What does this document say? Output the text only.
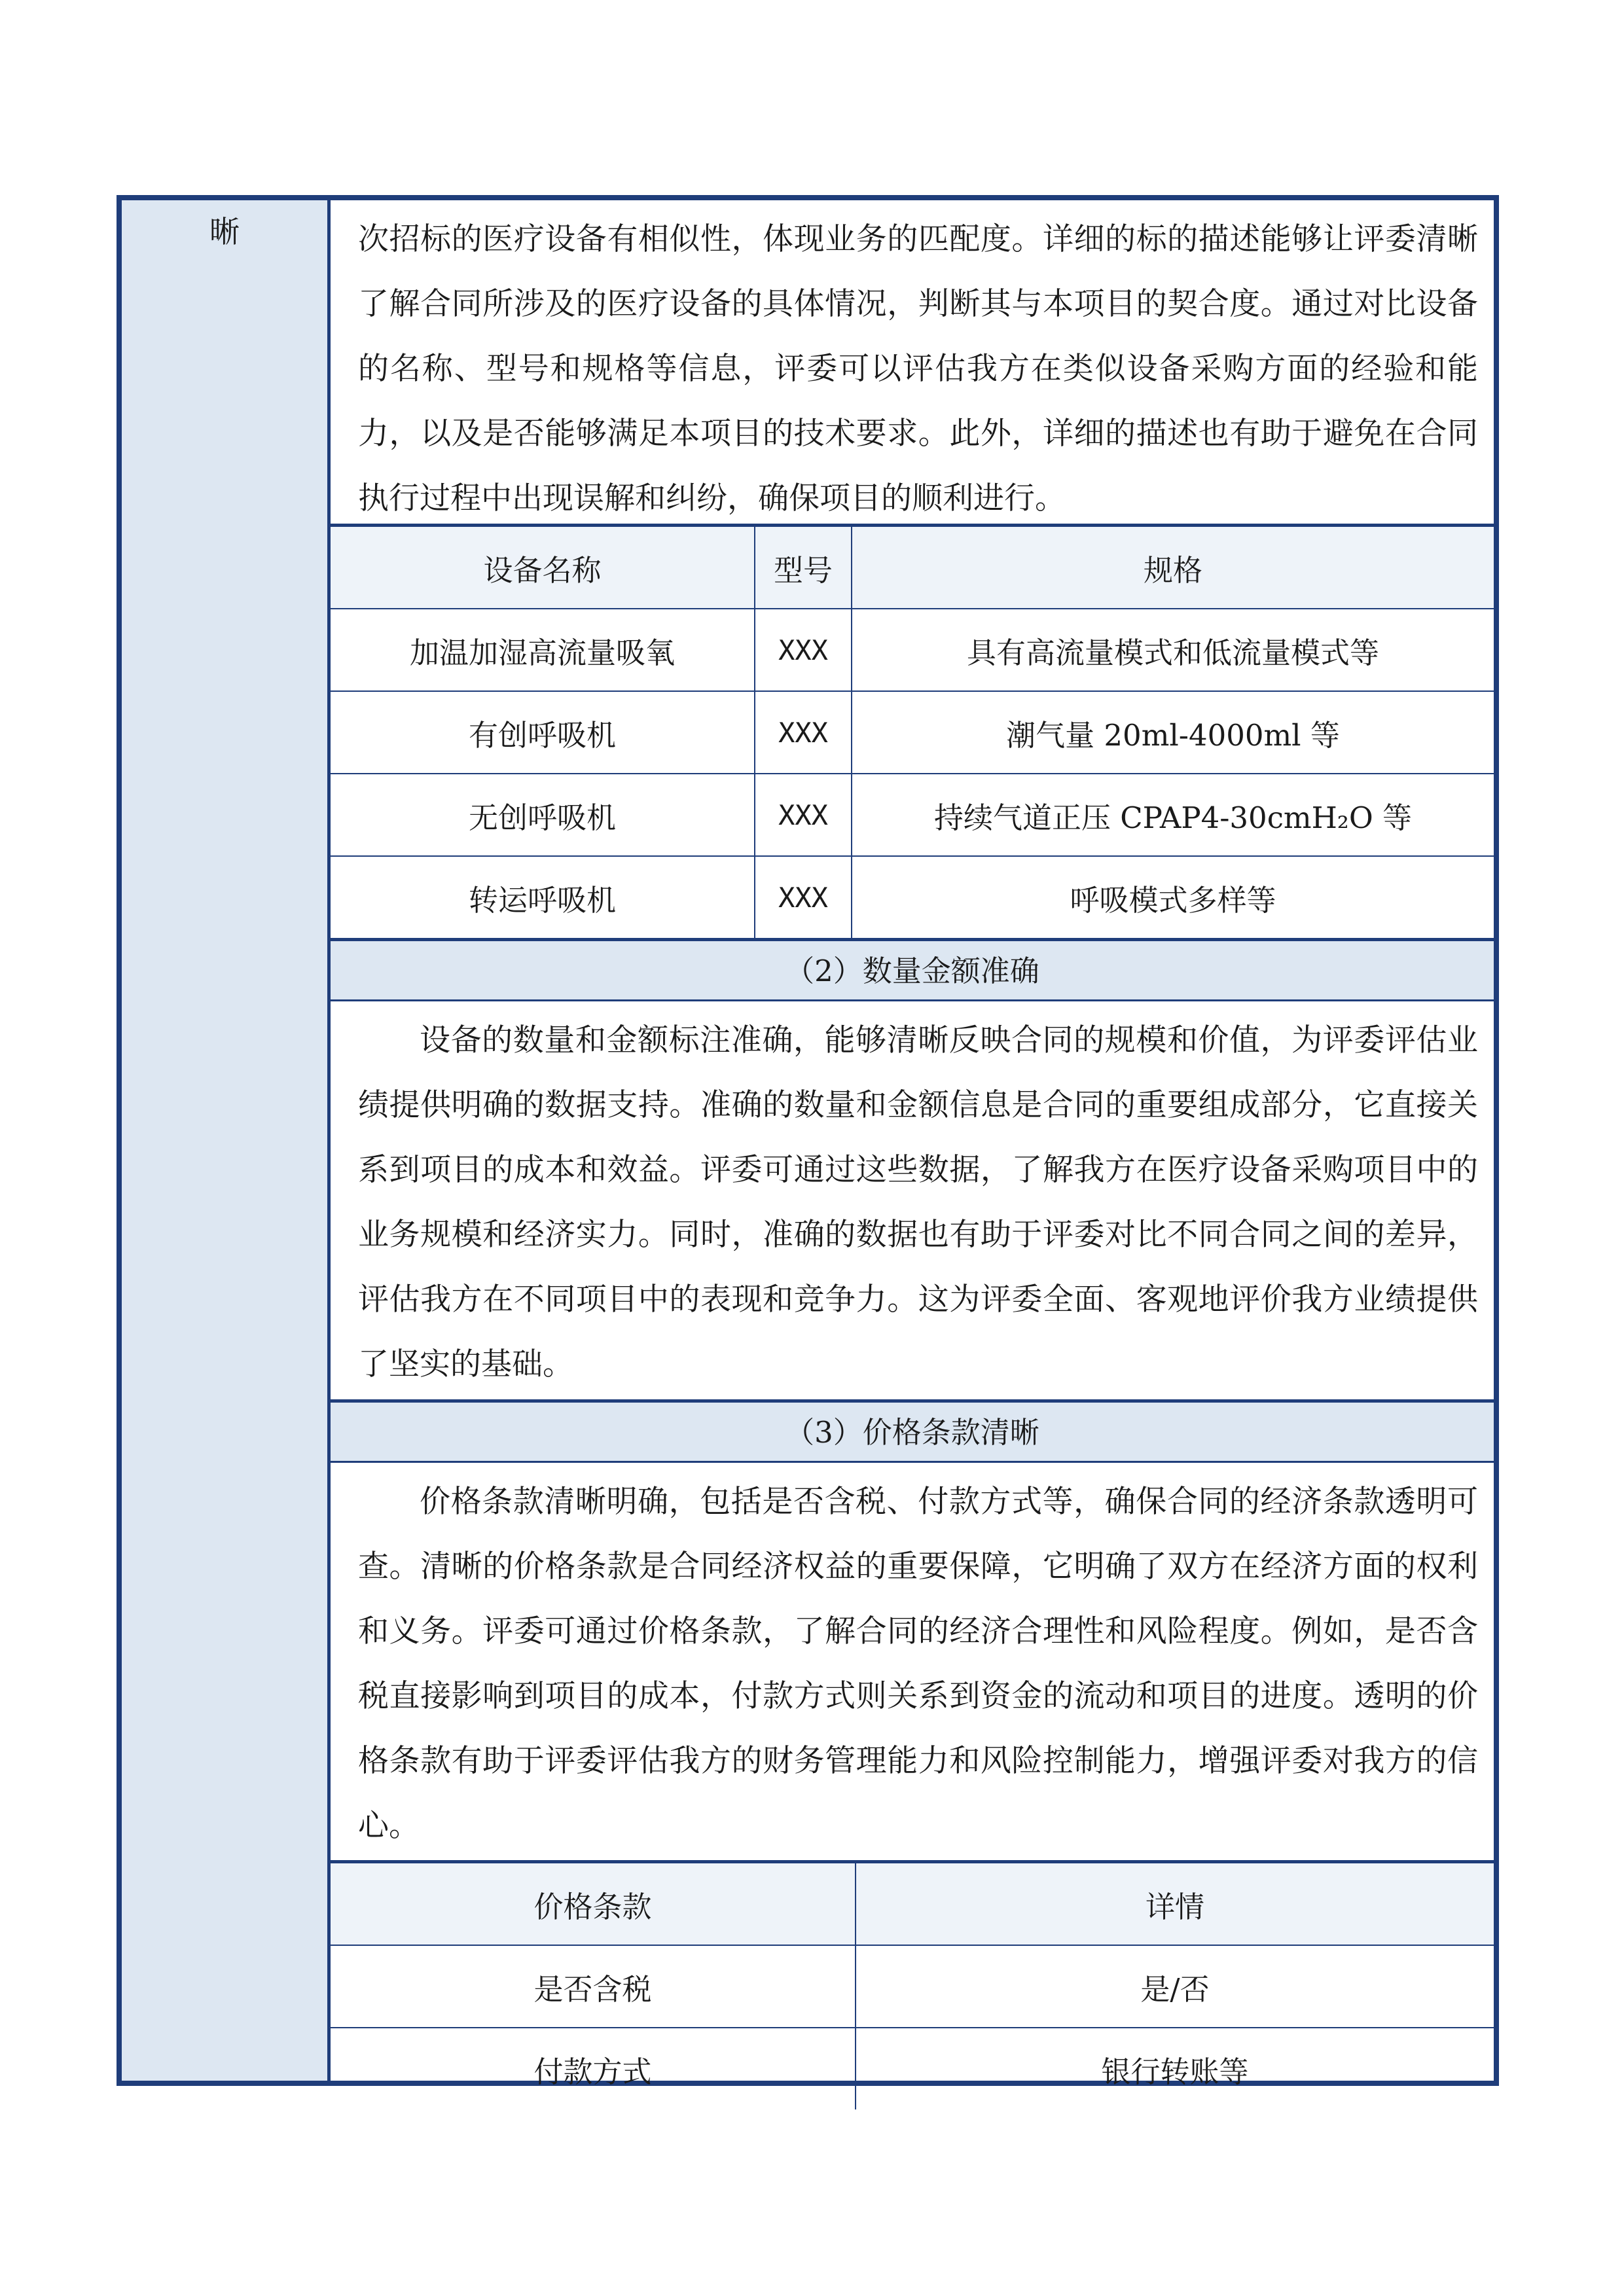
晰	次招标的医疗设备有相似性，体现业务的匹配度。详细的标的描述能够让评委清晰了解合同所涉及的医疗设备的具体情况，判断其与本项目的契合度。通过对比设备的名称、型号和规格等信息，评委可以评估我方在类似设备采购方面的经验和能力，以及是否能够满足本项目的技术要求。此外，详细的描述也有助于避免在合同执行过程中出现误解和纠纷，确保项目的顺利进行。

设备名称	型号	规格
加温加湿高流量吸氧	XXX	具有高流量模式和低流量模式等
有创呼吸机	XXX	潮气量 20ml-4000ml 等
无创呼吸机	XXX	持续气道正压 CPAP4-30cmH₂O 等
转运呼吸机	XXX	呼吸模式多样等
（2）数量金额准确

设备的数量和金额标注准确，能够清晰反映合同的规模和价值，为评委评估业绩提供明确的数据支持。准确的数量和金额信息是合同的重要组成部分，它直接关系到项目的成本和效益。评委可通过这些数据，了解我方在医疗设备采购项目中的业务规模和经济实力。同时，准确的数据也有助于评委对比不同合同之间的差异，评估我方在不同项目中的表现和竞争力。这为评委全面、客观地评价我方业绩提供了坚实的基础。

（3）价格条款清晰

价格条款清晰明确，包括是否含税、付款方式等，确保合同的经济条款透明可查。清晰的价格条款是合同经济权益的重要保障，它明确了双方在经济方面的权利和义务。评委可通过价格条款，了解合同的经济合理性和风险程度。例如，是否含税直接影响到项目的成本，付款方式则关系到资金的流动和项目的进度。透明的价格条款有助于评委评估我方的财务管理能力和风险控制能力，增强评委对我方的信心。

价格条款	详情
是否含税	是/否
付款方式	银行转账等
